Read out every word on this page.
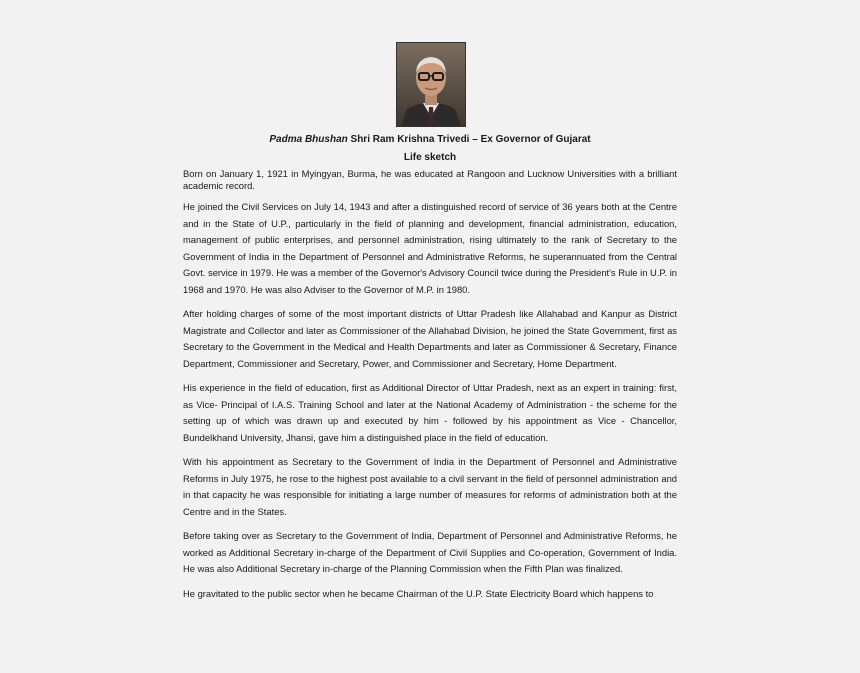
Padma Bhushan Shri Ram Krishna Trivedi – Ex Governor of Gujarat
Life sketch

Born on January 1, 1921 in Myingyan, Burma, he was educated at Rangoon and Lucknow Universities with a brilliant academic record.

He joined the Civil Services on July 14, 1943 and after a distinguished record of service of 36 years both at the Centre and in the State of U.P., particularly in the field of planning and development, financial administration, education, management of public enterprises, and personnel administration, rising ultimately to the rank of Secretary to the Government of India in the Department of Personnel and Administrative Reforms, he superannuated from the Central Govt. service in 1979. He was a member of the Governor's Advisory Council twice during the President's Rule in U.P. in 1968 and 1970. He was also Adviser to the Governor of M.P. in 1980.

After holding charges of some of the most important districts of Uttar Pradesh like Allahabad and Kanpur as District Magistrate and Collector and later as Commissioner of the Allahabad Division, he joined the State Government, first as Secretary to the Government in the Medical and Health Departments and later as Commissioner & Secretary, Finance Department, Commissioner and Secretary, Power, and Commissioner and Secretary, Home Department.

His experience in the field of education, first as Additional Director of Uttar Pradesh, next as an expert in training: first, as Vice- Principal of I.A.S. Training School and later at the National Academy of Administration - the scheme for the setting up of which was drawn up and executed by him - followed by his appointment as Vice - Chancellor, Bundelkhand University, Jhansi, gave him a distinguished place in the field of education.

With his appointment as Secretary to the Government of India in the Department of Personnel and Administrative Reforms in July 1975, he rose to the highest post available to a civil servant in the field of personnel administration and in that capacity he was responsible for initiating a large number of measures for reforms of administration both at the Centre and in the States.

Before taking over as Secretary to the Government of India, Department of Personnel and Administrative Reforms, he worked as Additional Secretary in-charge of the Department of Civil Supplies and Co-operation, Government of India. He was also Additional Secretary in-charge of the Planning Commission when the Fifth Plan was finalized.

He gravitated to the public sector when he became Chairman of the U.P. State Electricity Board which happens to
